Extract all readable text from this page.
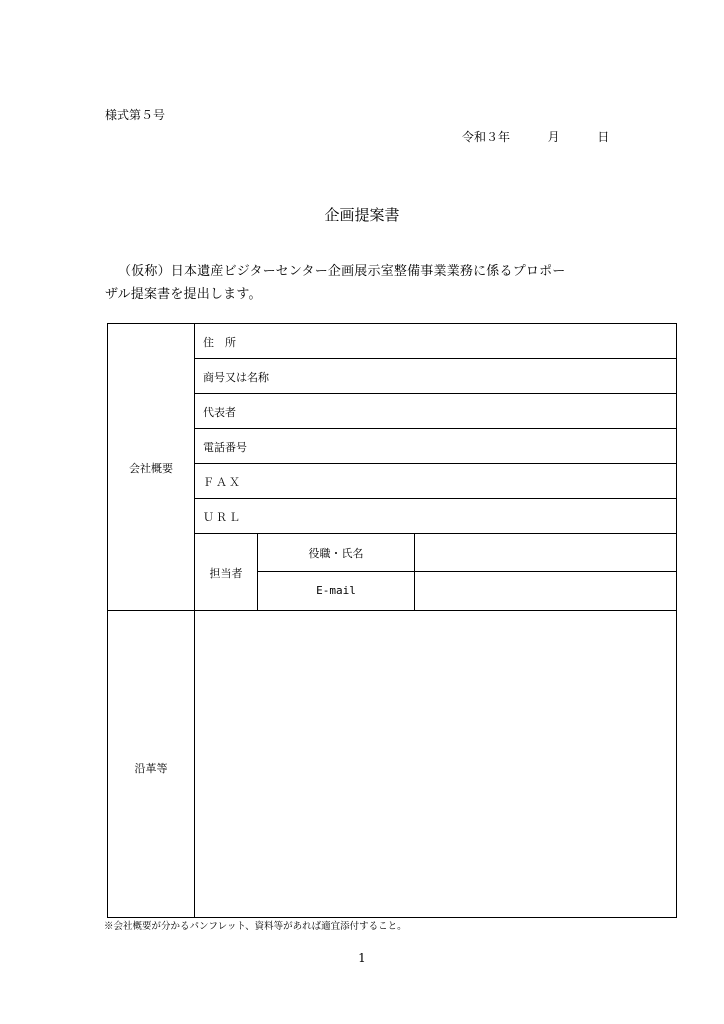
様式第５号
令和３年	月	日
企画提案書
（仮称）日本遺産ビジターセンター企画展示室整備事業業務に係るプロポー
ザル提案書を提出します。
会社概要
住　所
商号又は名称
代表者
電話番号
ＦＡＸ
ＵＲＬ
担当者
役職・氏名
E-mail
沿革等
※会社概要が分かるパンフレット、資料等があれば適宜添付すること。
1
